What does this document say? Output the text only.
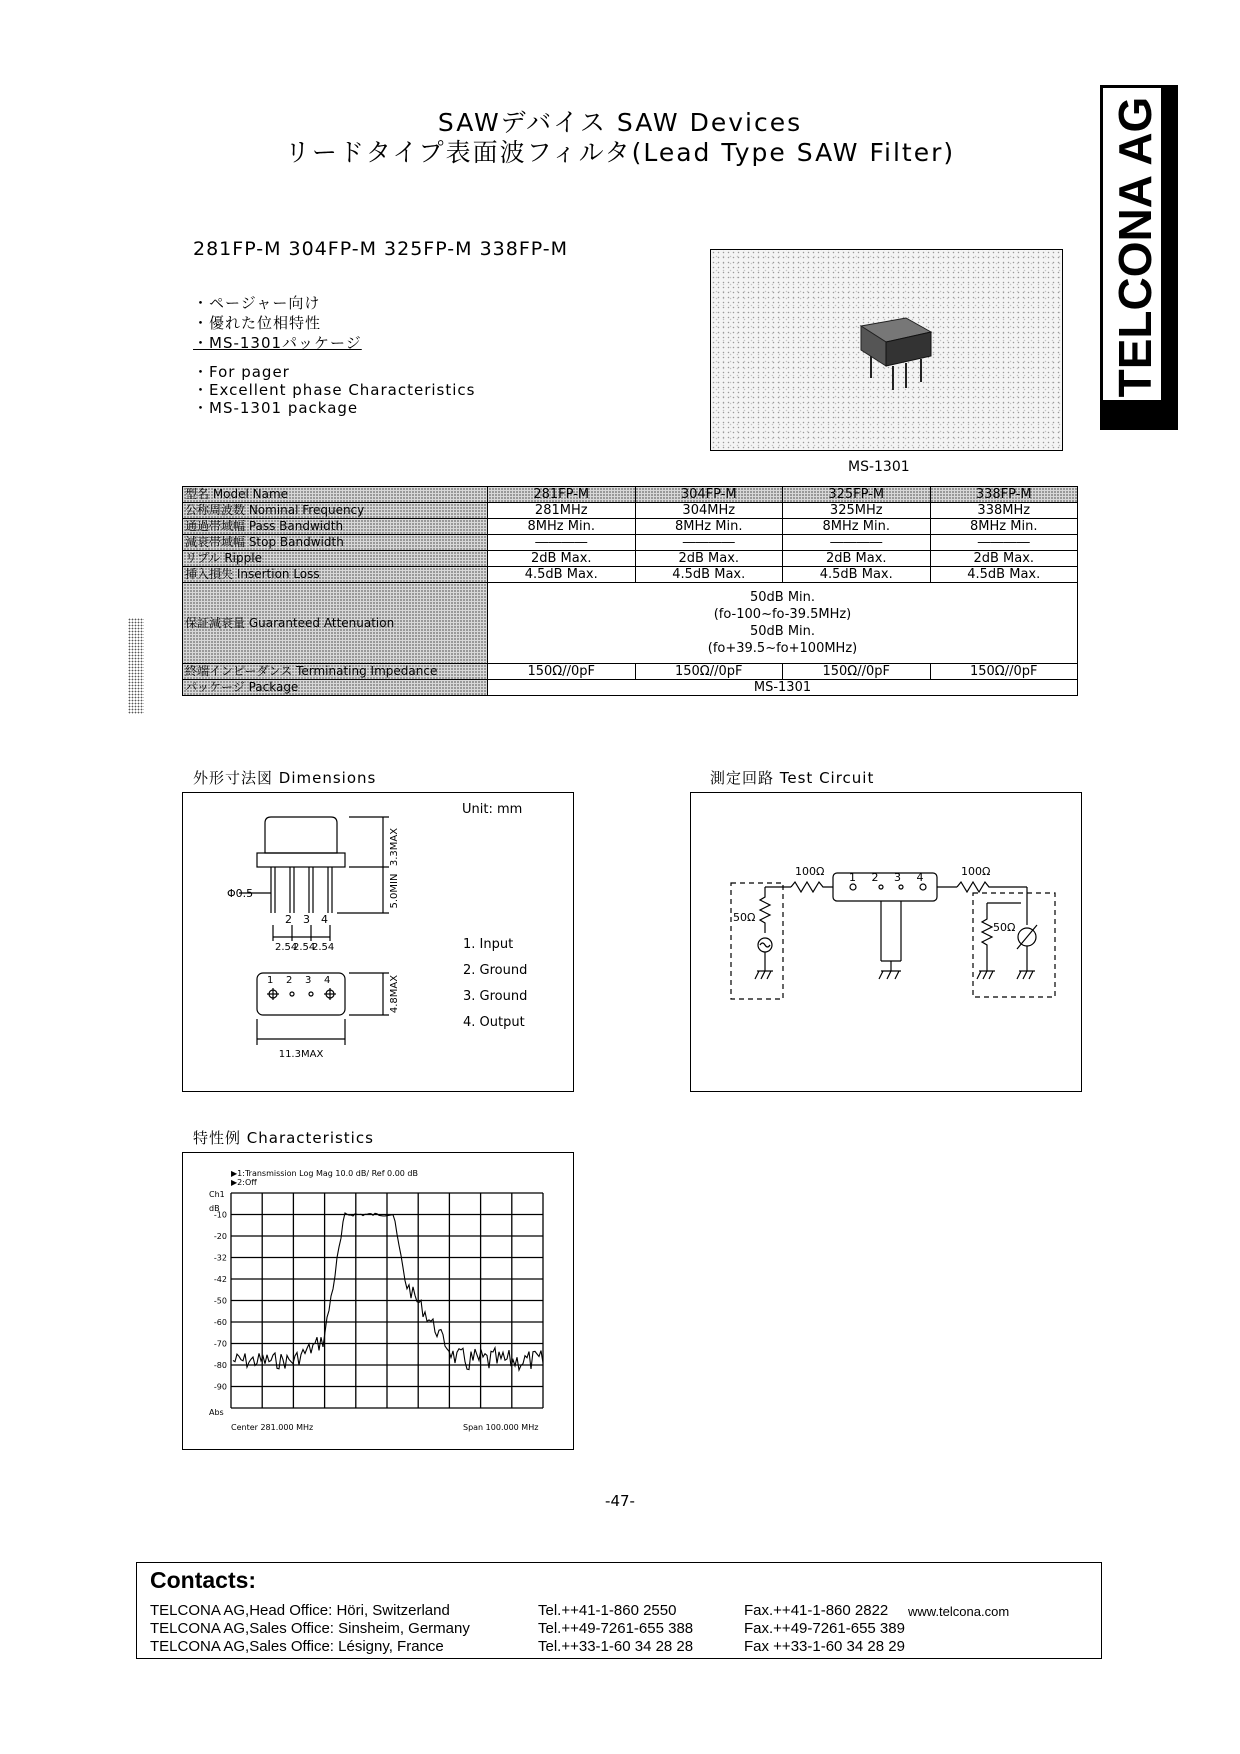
SAWデバイス SAW Devices
リードタイプ表面波フィルタ(Lead Type SAW Filter)	TELCONA AG
281FP-M 304FP-M 325FP-M 338FP-M
・ページャー向け
・優れた位相特性
・MS-1301パッケージ
・For pager
・Excellent phase Characteristics
・MS-1301 package
MS-1301
型名 Model Name	281FP-M	304FP-M	325FP-M	338FP-M
公称周波数 Nominal Frequency	281MHz	304MHz	325MHz	338MHz
通過帯域幅 Pass Bandwidth	8MHz Min.	8MHz Min.	8MHz Min.	8MHz Min.
減衰帯域幅 Stop Bandwidth	――――	――――	――――	――――
リプル Ripple	2dB Max.	2dB Max.	2dB Max.	2dB Max.
挿入損失 Insertion Loss	4.5dB Max.	4.5dB Max.	4.5dB Max.	4.5dB Max.
保証減衰量 Guaranteed Attenuation	50dB Min.
(fo-100~fo-39.5MHz)
50dB Min.
(fo+39.5~fo+100MHz)			

終端インピーダンス Terminating Impedance	150Ω//0pF	150Ω//0pF	150Ω//0pF	150Ω//0pF
パッケージ Package	MS-1301			
外形寸法図 Dimensions
Unit: mm
3.3MAX
5.0MIN
Φ0.5
2 3 4
2.54
2.54
2.54
1 2 3 4	4.8MAX
11.3MAX
1. Input
2. Ground
3. Ground
4. Output
測定回路 Test Circuit
100Ω	100Ω
50Ω
50Ω
1 2 3 4
特性例 Characteristics
▶1:Transmission Log Mag 10.0 dB/ Ref 0.00 dB
▶2:Off
Ch1
dB
Abs
Center 281.000 MHz	Span 100.000 MHz
-10
-20
-32
-42
-50
-60
-70
-80
-90
-47-
Contacts:
TELCONA AG,Head Office: Höri, Switzerland	Tel.++41-1-860 2550	Fax.++41-1-860 2822 www.telcona.com
TELCONA AG,Sales Office: Sinsheim, Germany	Tel.++49-7261-655 388	Fax.++49-7261-655 389
TELCONA AG,Sales Office: Lésigny, France	Tel.++33-1-60 34 28 28	Fax ++33-1-60 34 28 29
